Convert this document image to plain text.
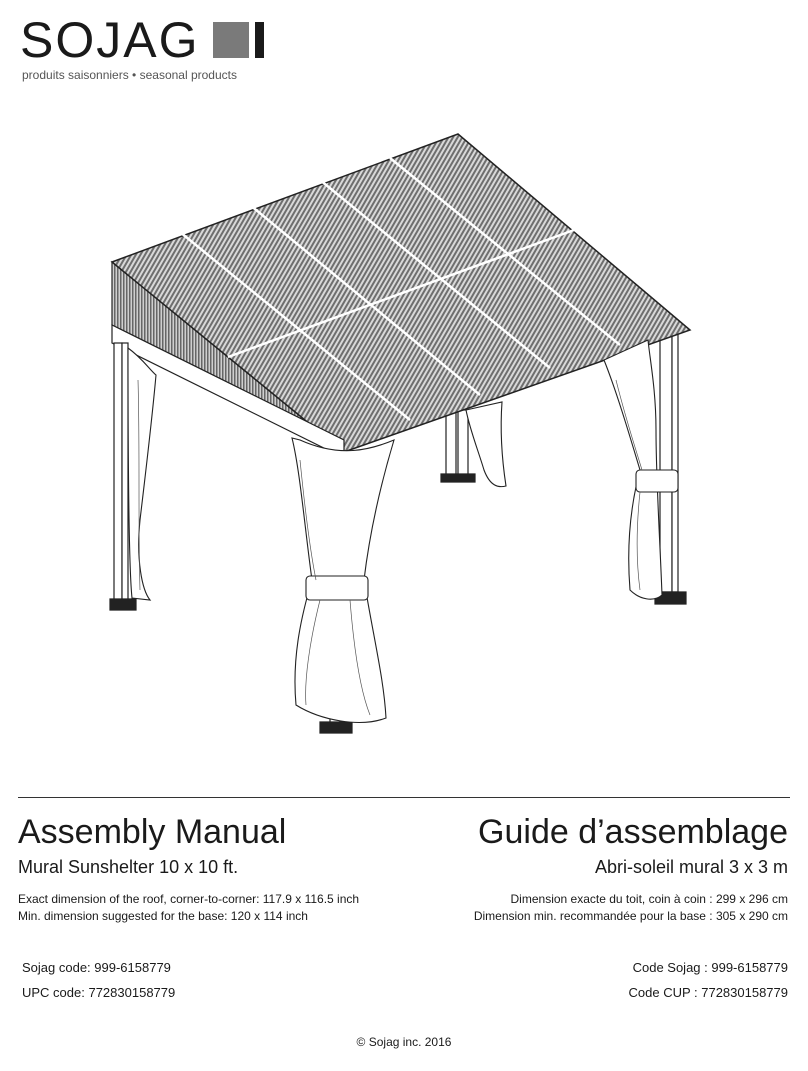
SOJAG
produits saisonniers • seasonal products
Assembly Manual	Guide d’assemblage
Mural Sunshelter 10 x 10 ft.	Abri-soleil mural 3 x 3 m
Exact dimension of the roof, corner-to-corner: 117.9 x 116.5 inch
Min. dimension suggested for the base: 120 x 114 inch
Dimension exacte du toit, coin à coin : 299 x 296 cm
Dimension min. recommandée pour la base : 305 x 290 cm
Sojag code: 999-6158779
UPC code: 772830158779
Code Sojag : 999-6158779
Code CUP : 772830158779
© Sojag inc. 2016
